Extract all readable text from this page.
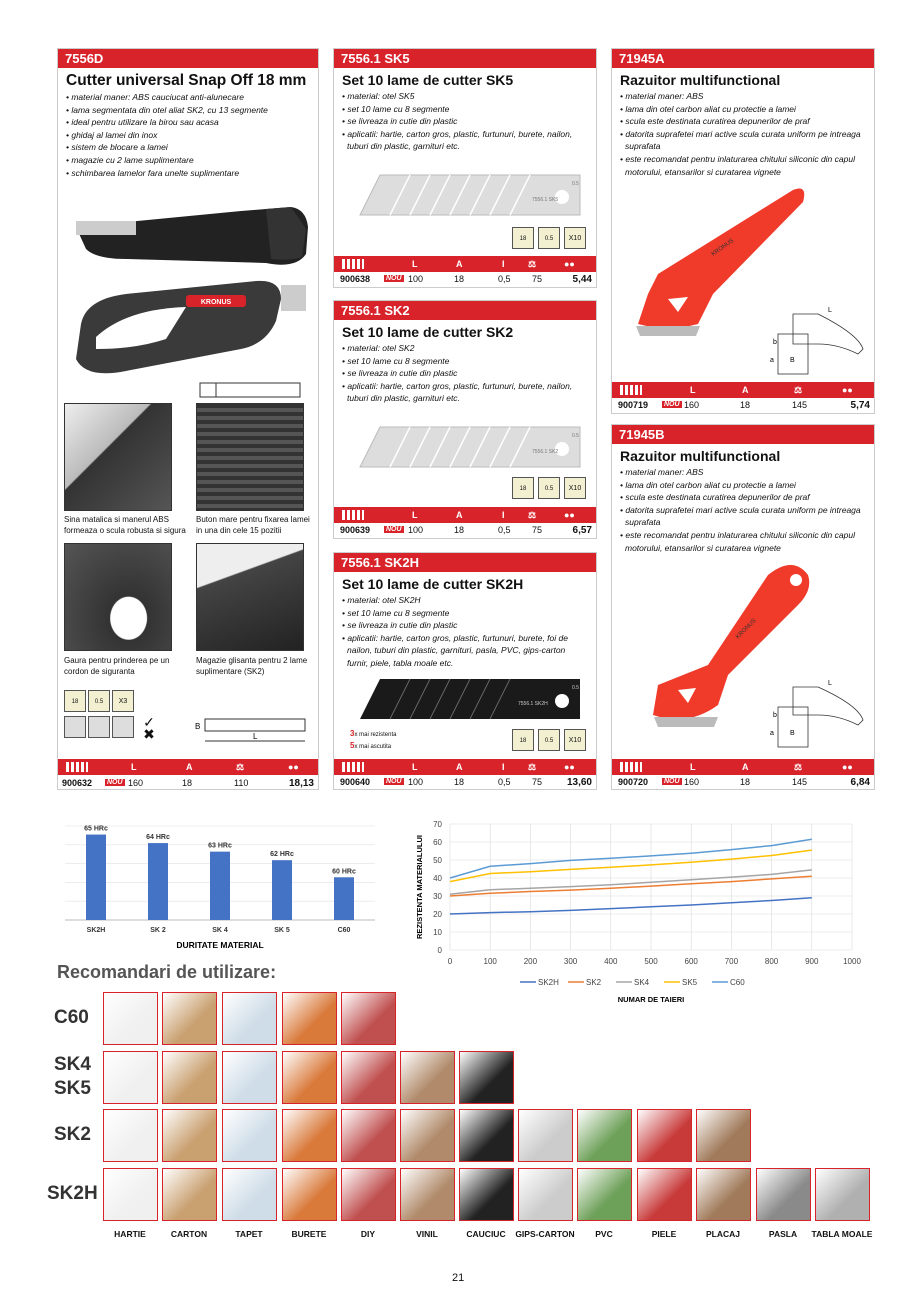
7556D
Cutter universal Snap Off 18 mm
• material maner: ABS cauciucat anti-alunecare
• lama segmentata din otel aliat SK2, cu 13 segmente
• ideal pentru utilizare la birou sau acasa
• ghidaj al lamei din inox
• sistem de blocare a lamei
• magazie cu 2 lame suplimentare
• schimbarea lamelor fara unelte suplimentare
KRONUS
Sina matalica si manerul ABS formeaza o scula robusta si sigura
Buton mare pentru fixarea lamei in una din cele 15 pozitii
Gaura pentru prinderea pe un cordon de siguranta
Magazie glisanta pentru 2 lame suplimentare (SK2)
18	0.5	X3
✓
✖	B
L
L	A	⚖	●●
900632 NOU 160	18	110	18,13
7556.1 SK5
Set 10 lame de cutter SK5
• material: otel SK5
• set 10 lame cu 8 segmente
• se livreaza in cutie din plastic
• aplicatii: hartie, carton gros, plastic, furtunuri, burete, nailon, tuburi din plastic, garnituri etc.
7556.1 SK5
0.5
18	0.5	X10
L	A	I	⚖	●●
900638 NOU 100	18	0,5 75	5,44
7556.1 SK2
Set 10 lame de cutter SK2
• material: otel SK2
• set 10 lame cu 8 segmente
• se livreaza in cutie din plastic
• aplicatii: hartie, carton gros, plastic, furtunuri, burete, nailon, tuburi din plastic, garnituri etc.
7556.1 SK2
0.5
18	0.5	X10
L	A	I	⚖	●●
900639 NOU 100	18	0,5 75	6,57
7556.1 SK2H
Set 10 lame de cutter SK2H
• material: otel SK2H
• set 10 lame cu 8 segmente
• se livreaza in cutie din plastic
• aplicatii: hartie, carton gros, plastic, furtunuri, burete, foi de nailon, tuburi din plastic, garnituri, pasla, PVC, gips-carton furnir, piele, tabla moale etc.
7556.1 SK2H
0.5
3x mai rezistenta
5x mai ascutita
18	0.5	X10
L	A	I	⚖	●●
900640 NOU 100	18	0,5 75 13,60
71945A
Razuitor multifunctional
• material maner: ABS
• lama din otel carbon aliat cu protectie a lamei
• scula este destinata curatirea depunerilor de praf
• datorita suprafetei mari active scula curata uniform pe intreaga suprafata
• este recomandat pentru inlaturarea chitului siliconic din capul motorului, etansarilor si curatarea vignete
KRONUS
b
a B
L
L	A	⚖	●●
900719 NOU 160	18	145	5,74
71945B
Razuitor multifunctional
• material maner: ABS
• lama din otel carbon aliat cu protectie a lamei
• scula este destinata curatirea depunerilor de praf
• datorita suprafetei mari active scula curata uniform pe intreaga suprafata
• este recomandat pentru inlaturarea chitului siliconic din capul motorului, etansarilor si curatarea vignete
KRONUS
b
a B
L
L	A	⚖	●●
900720 NOU 160	18	145	6,84
65 HRc
SK2H
64 HRc
SK 2
63 HRc
SK 4
62 HRc
SK 5
60 HRc
C60
DURITATE MATERIAL
0
10
20
30
40
50
60
70
0	100	200	300	400	500	600	700	800	900	1000
REZISTENTA MATERIALULUI
SK2H	SK2	SK4	SK5	C60
NUMAR DE TAIERI
Recomandari de utilizare:
C60
SK4
SK5
SK2
SK2H
HARTIE	CARTON	TAPET	BURETE	DIY	VINIL	CAUCIUC	GIPS-CARTON	PVC	PIELE	PLACAJ	PASLA	TABLA MOALE
21
